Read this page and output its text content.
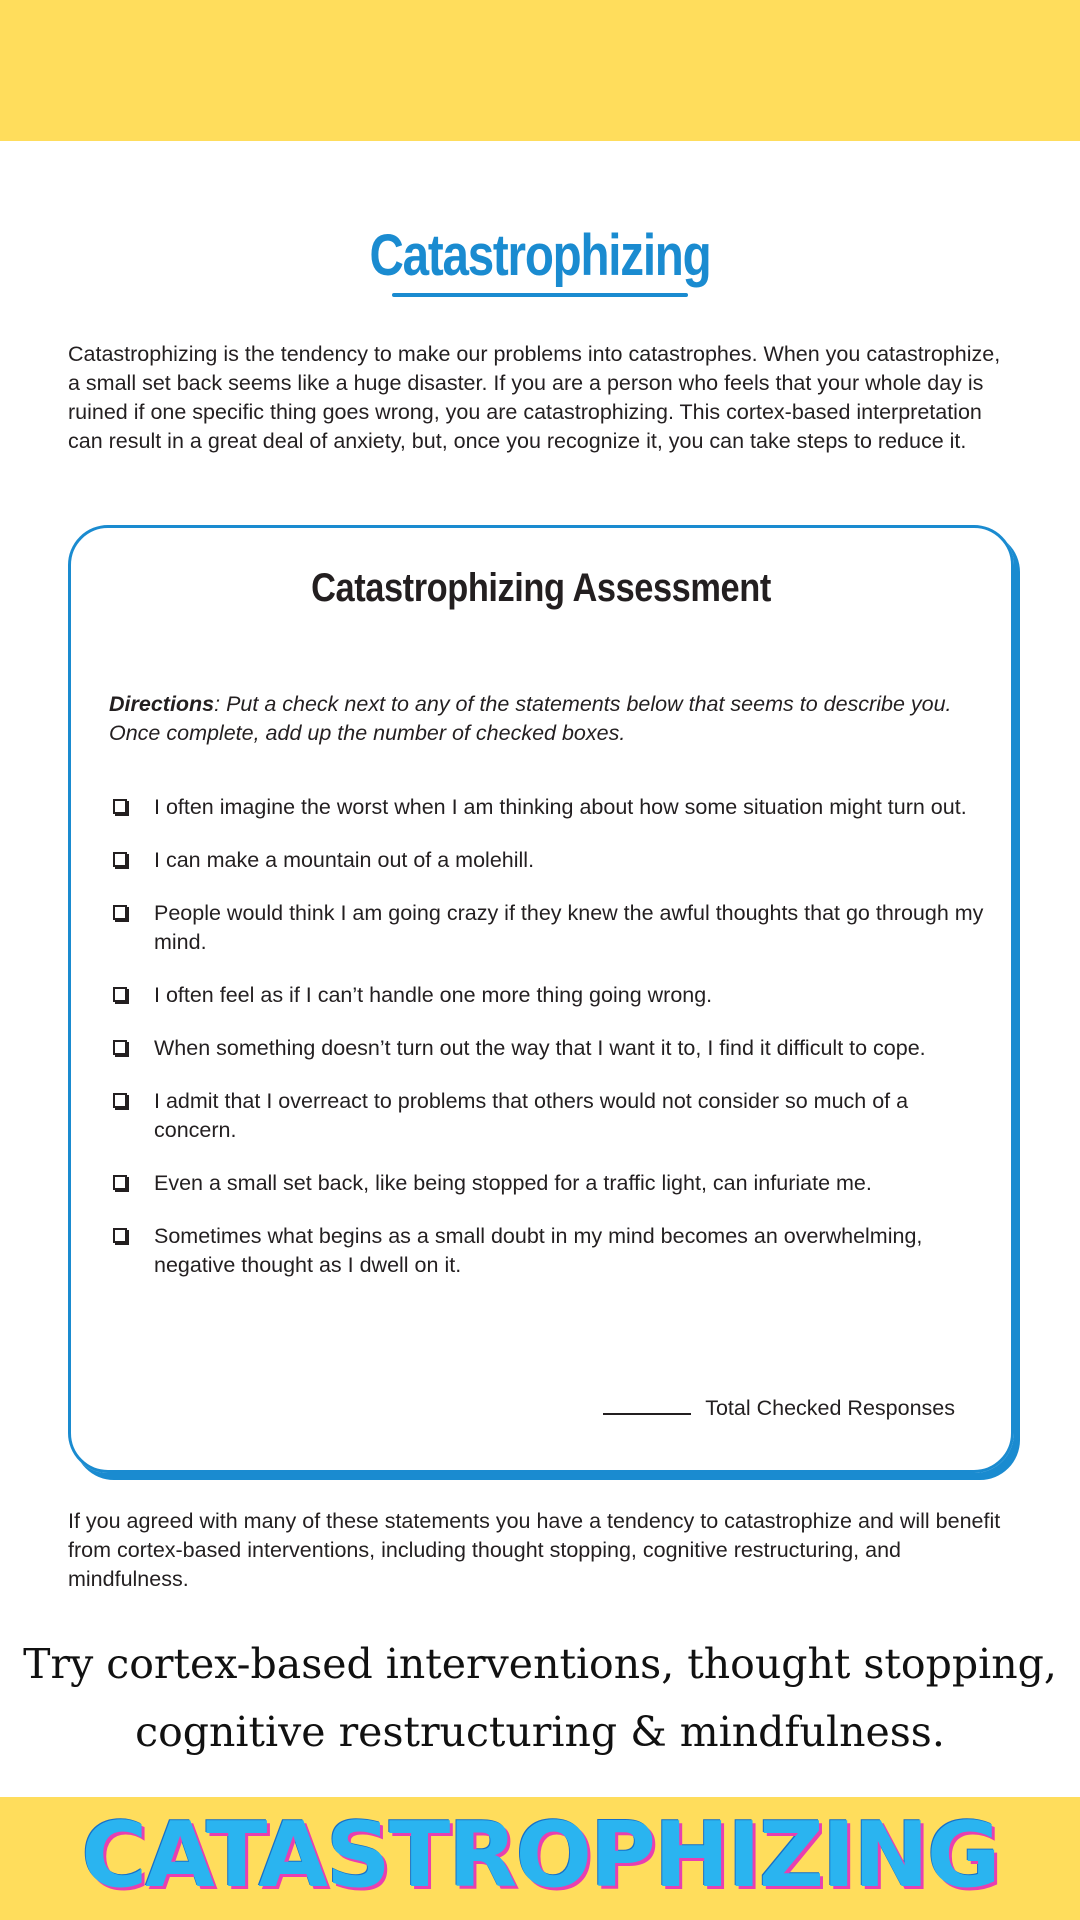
Catastrophizing

Catastrophizing is the tendency to make our problems into catastrophes. When you catastrophize, a small set back seems like a huge disaster. If you are a person who feels that your whole day is ruined if one specific thing goes wrong, you are catastrophizing. This cortex-based interpretation can result in a great deal of anxiety, but, once you recognize it, you can take steps to reduce it.

Catastrophizing Assessment

Directions: Put a check next to any of the statements below that seems to describe you. Once complete, add up the number of checked boxes.

I often imagine the worst when I am thinking about how some situation might turn out.
I can make a mountain out of a molehill.
People would think I am going crazy if they knew the awful thoughts that go through my mind.
I often feel as if I can’t handle one more thing going wrong.
When something doesn’t turn out the way that I want it to, I find it difficult to cope.
I admit that I overreact to problems that others would not consider so much of a concern.
Even a small set back, like being stopped for a traffic light, can infuriate me.
Sometimes what begins as a small doubt in my mind becomes an overwhelming, negative thought as I dwell on it.
Total Checked Responses

If you agreed with many of these statements you have a tendency to catastrophize and will benefit from cortex-based interventions, including thought stopping, cognitive restructuring, and mindfulness.

Try cortex-based interventions, thought stopping, cognitive restructuring & mindfulness.

CATASTROPHIZING
